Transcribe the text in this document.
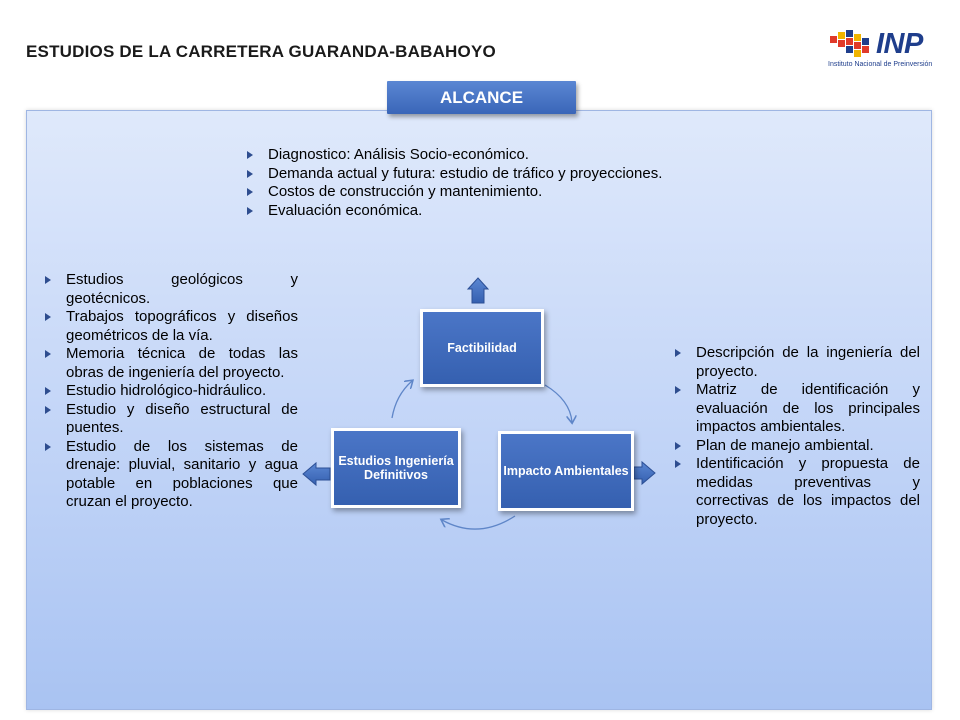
ESTUDIOS DE LA CARRETERA GUARANDA-BABAHOYO	INP
Instituto Nacional de Preinversión
ALCANCE
Diagnostico: Análisis Socio-económico.
Demanda actual y futura: estudio de tráfico y proyecciones.
Costos de construcción y mantenimiento.
Evaluación económica.
Estudios geológicos y geotécnicos.
Trabajos topográficos y diseños geométricos de la vía.
Memoria técnica de todas las obras de ingeniería del proyecto.
Estudio hidrológico-hidráulico.
Estudio y diseño estructural de puentes.
Estudio de los sistemas de drenaje: pluvial, sanitario y agua potable en poblaciones que cruzan el proyecto.
Descripción de la ingeniería del proyecto.
Matriz de identificación y evaluación de los principales impactos ambientales.
Plan de manejo ambiental.
Identificación y propuesta de medidas preventivas y correctivas de los impactos del proyecto.
Factibilidad
Impacto Ambientales
Estudios Ingeniería Definitivos
